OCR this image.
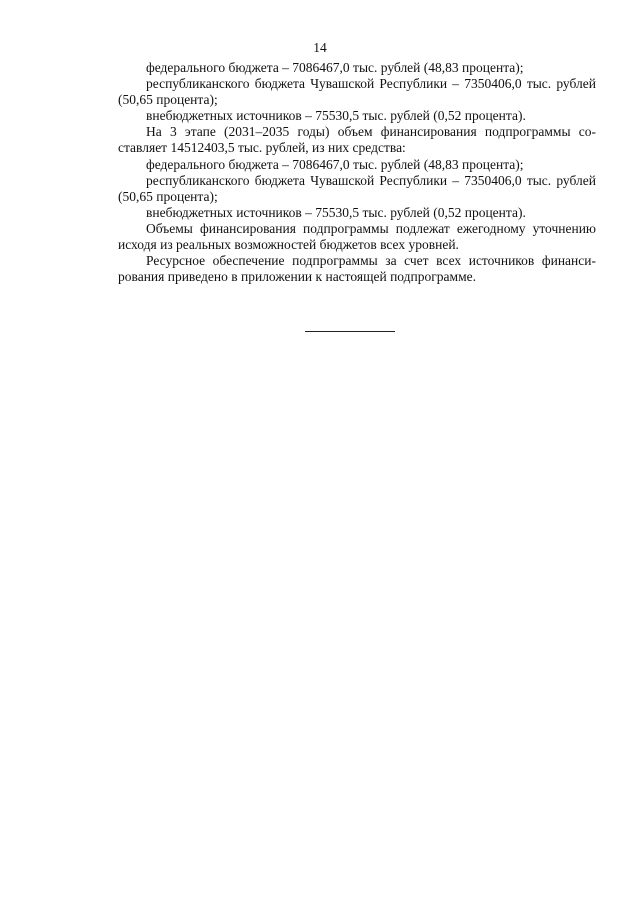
14

федерального бюджета – 7086467,0 тыс. рублей (48,83 процента);

республиканского бюджета Чувашской Республики – 7350406,0 тыс. рублей (50,65 процента);

внебюджетных источников – 75530,5 тыс. рублей (0,52 процента).

На 3 этапе (2031–2035 годы) объем финансирования подпрограммы составляет 14512403,5 тыс. рублей, из них средства:

федерального бюджета – 7086467,0 тыс. рублей (48,83 процента);

республиканского бюджета Чувашской Республики – 7350406,0 тыс. рублей (50,65 процента);

внебюджетных источников – 75530,5 тыс. рублей (0,52 процента).

Объемы финансирования подпрограммы подлежат ежегодному уточнению исходя из реальных возможностей бюджетов всех уровней.

Ресурсное обеспечение подпрограммы за счет всех источников финансирования приведено в приложении к настоящей подпрограмме.
